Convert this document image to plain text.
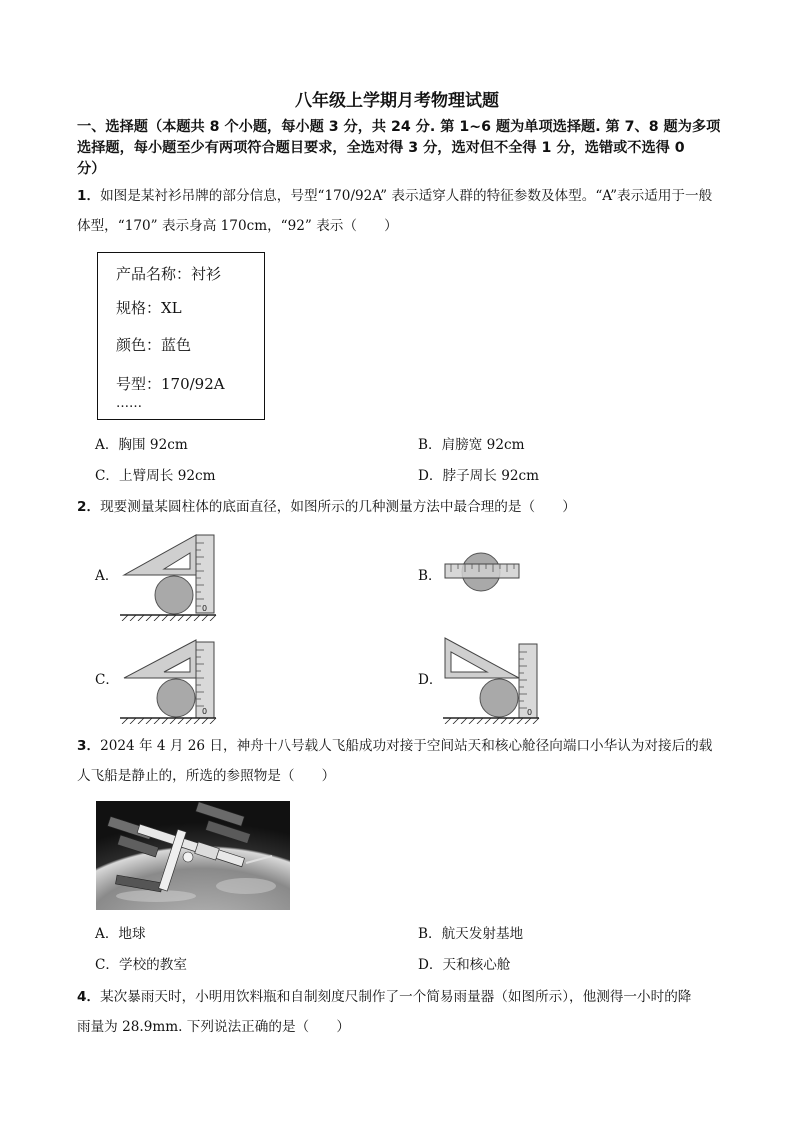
八年级上学期月考物理试题
一、选择题（本题共 8 个小题，每小题 3 分，共 24 分. 第 1~6 题为单项选择题. 第 7、8 题为多项
选择题，每小题至少有两项符合题目要求，全选对得 3 分，选对但不全得 1 分，选错或不选得 0
分）
1．如图是某衬衫吊牌的部分信息，号型“170/92A” 表示适穿人群的特征参数及体型。“A”表示适用于一般
体型，“170” 表示身高 170cm，“92” 表示（　　）
产品名称：衬衫
规格：XL
颜色：蓝色
号型：170/92A
……
A．胸围 92cm	B．肩膀宽 92cm
C．上臂周长 92cm	D．脖子周长 92cm
2．现要测量某圆柱体的底面直径，如图所示的几种测量方法中最合理的是（　　）
A．	B．
C．	D．
0
0	0
3．2024 年 4 月 26 日，神舟十八号载人飞船成功对接于空间站天和核心舱径向端口小华认为对接后的载
人飞船是静止的，所选的参照物是（　　）
A．地球	B．航天发射基地
C．学校的教室	D．天和核心舱
4．某次暴雨天时，小明用饮料瓶和自制刻度尺制作了一个简易雨量器（如图所示），他测得一小时的降
雨量为 28.9mm. 下列说法正确的是（　　）
